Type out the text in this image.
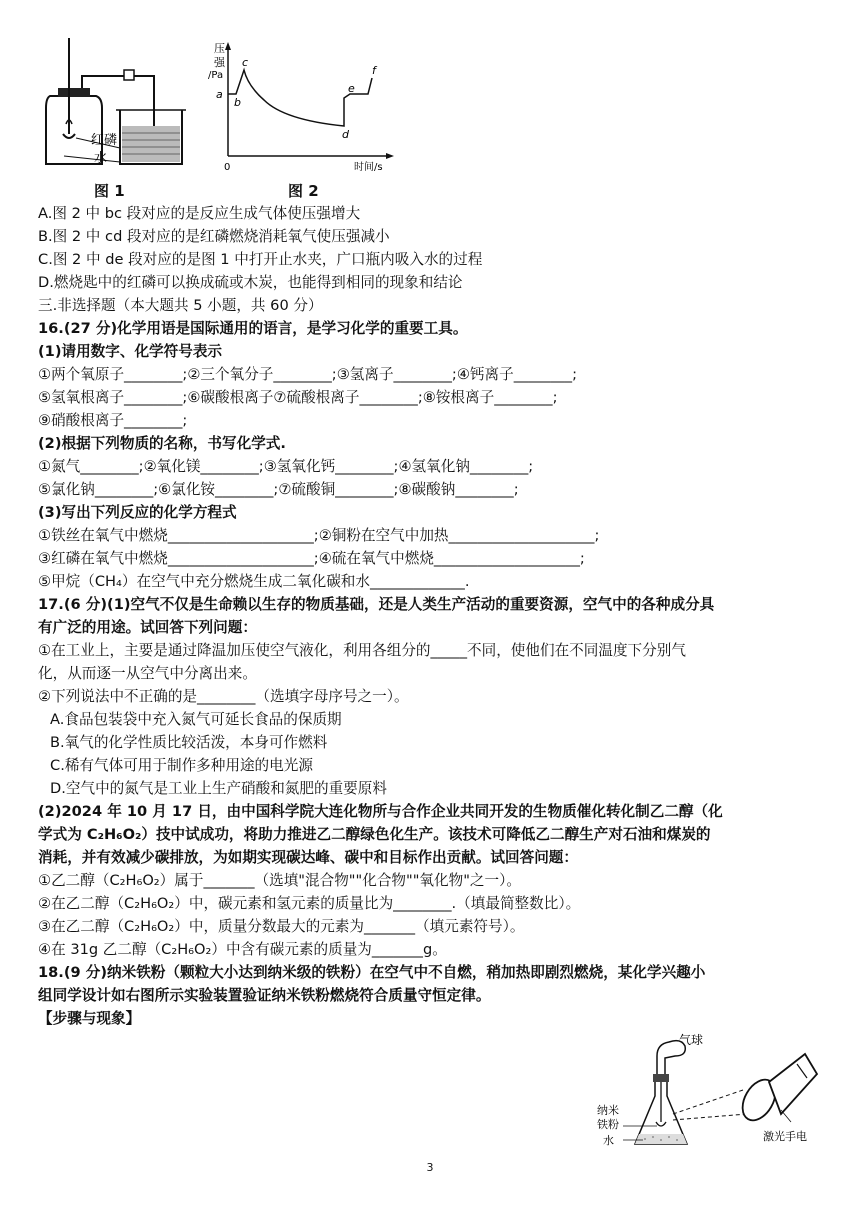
红磷
水
压
强
/Pa
a
b
c
d
e
f
0	时间/s
图 1	图 2
A.图 2 中 bc 段对应的是反应生成气体使压强增大
B.图 2 中 cd 段对应的是红磷燃烧消耗氧气使压强减小
C.图 2 中 de 段对应的是图 1 中打开止水夹，广口瓶内吸入水的过程
D.燃烧匙中的红磷可以换成硫或木炭，也能得到相同的现象和结论
三.非选择题（本大题共 5 小题，共 60 分）
16.(27 分)化学用语是国际通用的语言，是学习化学的重要工具。
(1)请用数字、化学符号表示
①两个氧原子________;②三个氧分子________;③氢离子________;④钙离子________;
⑤氢氧根离子________;⑥碳酸根离子⑦硫酸根离子________;⑧铵根离子________;
⑨硝酸根离子________;
(2)根据下列物质的名称，书写化学式.
①氮气________;②氧化镁________;③氢氧化钙________;④氢氧化钠________;
⑤氯化钠________;⑥氯化铵________;⑦硫酸铜________;⑧碳酸钠________;
(3)写出下列反应的化学方程式
①铁丝在氧气中燃烧____________________;②铜粉在空气中加热____________________;
③红磷在氧气中燃烧____________________;④硫在氧气中燃烧____________________;
⑤甲烷（CH₄）在空气中充分燃烧生成二氧化碳和水_____________.
17.(6 分)(1)空气不仅是生命赖以生存的物质基础，还是人类生产活动的重要资源，空气中的各种成分具
有广泛的用途。试回答下列问题：
①在工业上，主要是通过降温加压使空气液化，利用各组分的_____不同，使他们在不同温度下分别气
化，从而逐一从空气中分离出来。
②下列说法中不正确的是________（选填字母序号之一）。
A.食品包装袋中充入氮气可延长食品的保质期
B.氧气的化学性质比较活泼，本身可作燃料
C.稀有气体可用于制作多种用途的电光源
D.空气中的氮气是工业上生产硝酸和氮肥的重要原料
(2)2024 年 10 月 17 日，由中国科学院大连化物所与合作企业共同开发的生物质催化转化制乙二醇（化
学式为 C₂H₆O₂）技中试成功，将助力推进乙二醇绿色化生产。该技术可降低乙二醇生产对石油和煤炭的
消耗，并有效减少碳排放，为如期实现碳达峰、碳中和目标作出贡献。试回答问题：
①乙二醇（C₂H₆O₂）属于_______（选填"混合物""化合物""氧化物"之一）。
②在乙二醇（C₂H₆O₂）中，碳元素和氢元素的质量比为________.（填最简整数比）。
③在乙二醇（C₂H₆O₂）中，质量分数最大的元素为_______（填元素符号）。
④在 31g 乙二醇（C₂H₆O₂）中含有碳元素的质量为_______g。
18.(9 分)纳米铁粉（颗粒大小达到纳米级的铁粉）在空气中不自燃，稍加热即剧烈燃烧，某化学兴趣小
组同学设计如右图所示实验装置验证纳米铁粉燃烧符合质量守恒定律。
【步骤与现象】
气球
纳米
铁粉
水	激光手电
3
